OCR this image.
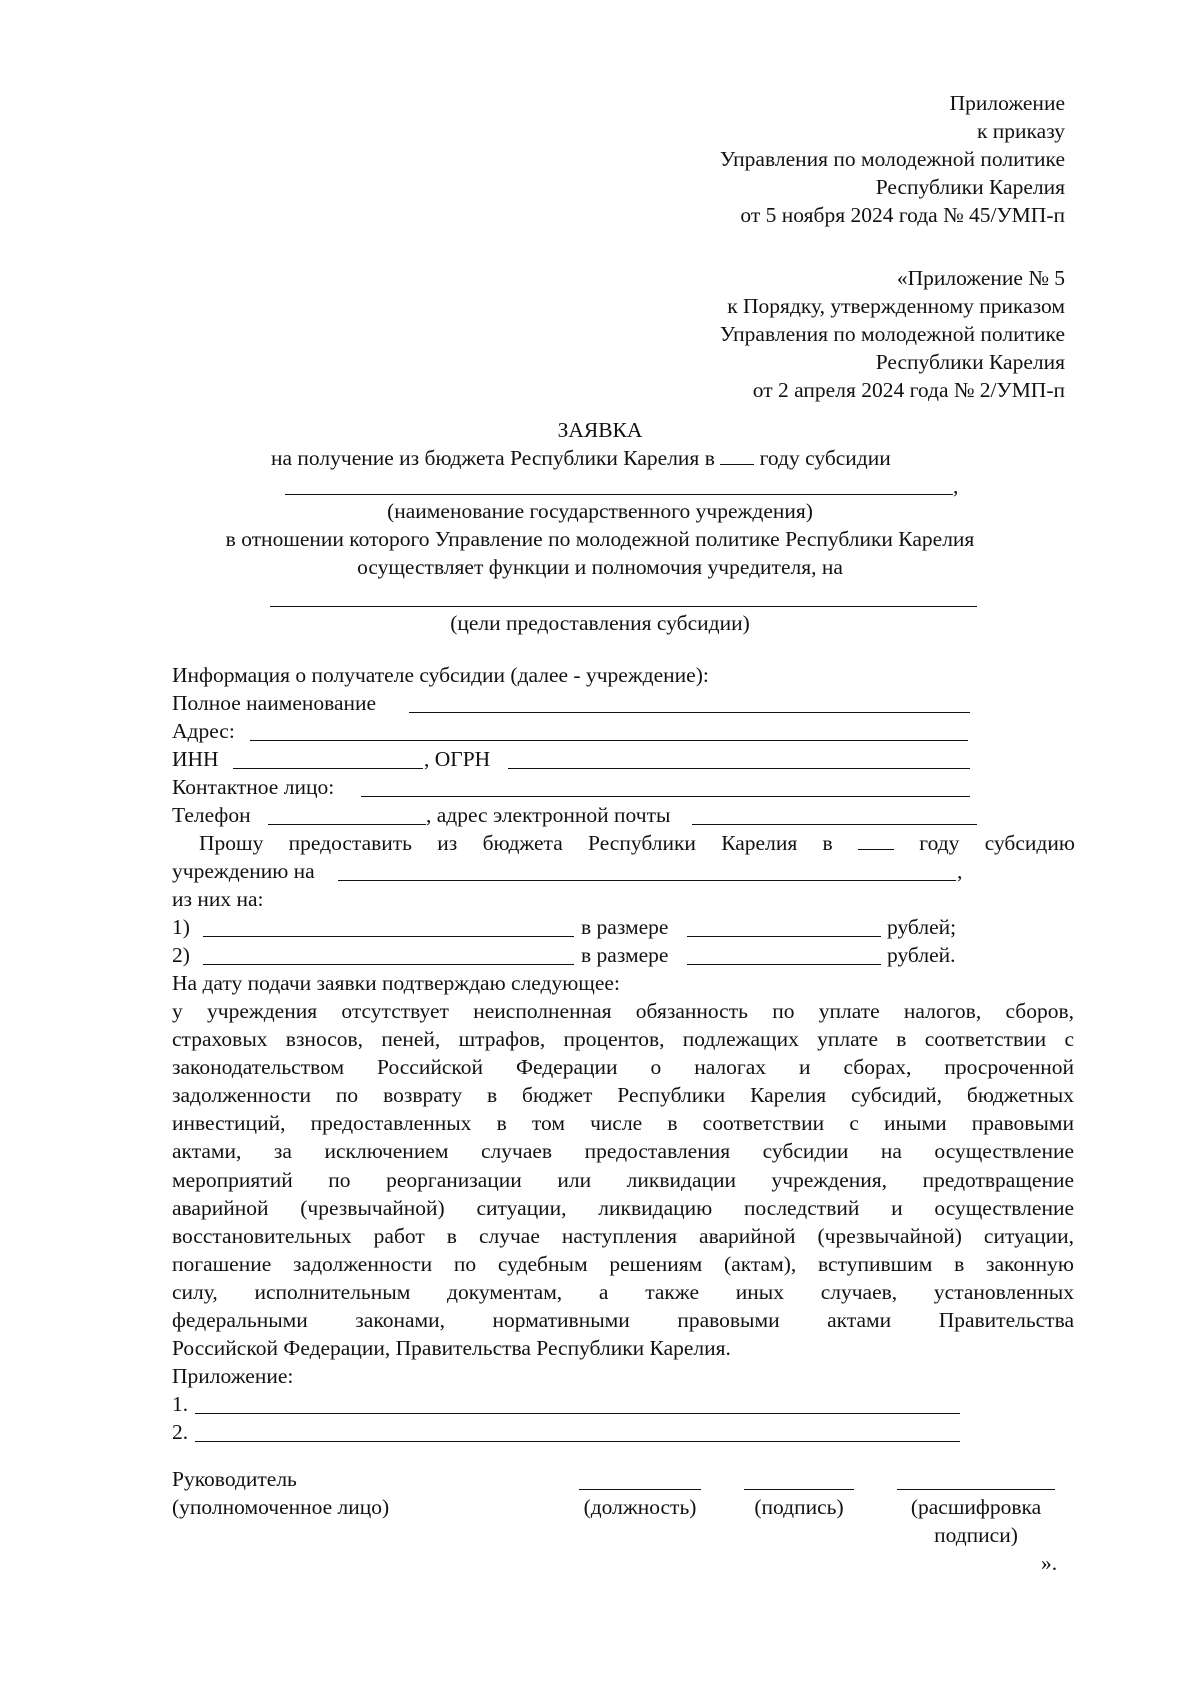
Приложение
к приказу
Управления по молодежной политике
Республики Карелия
от 5 ноября 2024 года № 45/УМП-п
«Приложение № 5
к Порядку, утвержденному приказом
Управления по молодежной политике
Республики Карелия
от 2 апреля 2024 года № 2/УМП-п
ЗАЯВКА
на получение из бюджета Республики Карелия в году субсидии
,
(наименование государственного учреждения)
в отношении которого Управление по молодежной политике Республики Карелия
осуществляет функции и полномочия учредителя, на
(цели предоставления субсидии)
Информация о получателе субсидии (далее - учреждение):
Полное наименование
Адрес:
ИНН	, ОГРН
Контактное лицо:
Телефон	, адрес электронной почты
Прошу предоставить из бюджета Республики Карелия в	году субсидию
учреждению на	,
из них на:
1)	в размере	рублей;
2)	в размере	рублей.
На дату подачи заявки подтверждаю следующее:
у учреждения отсутствует неисполненная обязанность по уплате налогов, сборов,
страховых взносов, пеней, штрафов, процентов, подлежащих уплате в соответствии с
законодательством Российской Федерации о налогах и сборах, просроченной
задолженности по возврату в бюджет Республики Карелия субсидий, бюджетных
инвестиций, предоставленных в том числе в соответствии с иными правовыми
актами, за исключением случаев предоставления субсидии на осуществление
мероприятий по реорганизации или ликвидации учреждения, предотвращение
аварийной (чрезвычайной) ситуации, ликвидацию последствий и осуществление
восстановительных работ в случае наступления аварийной (чрезвычайной) ситуации,
погашение задолженности по судебным решениям (актам), вступившим в законную
силу, исполнительным документам, а также иных случаев, установленных
федеральными законами, нормативными правовыми актами Правительства
Российской Федерации, Правительства Республики Карелия.
Приложение:
1.
2.
Руководитель
(уполномоченное лицо)	(должность)	(подпись)	(расшифровка
подписи)
».
